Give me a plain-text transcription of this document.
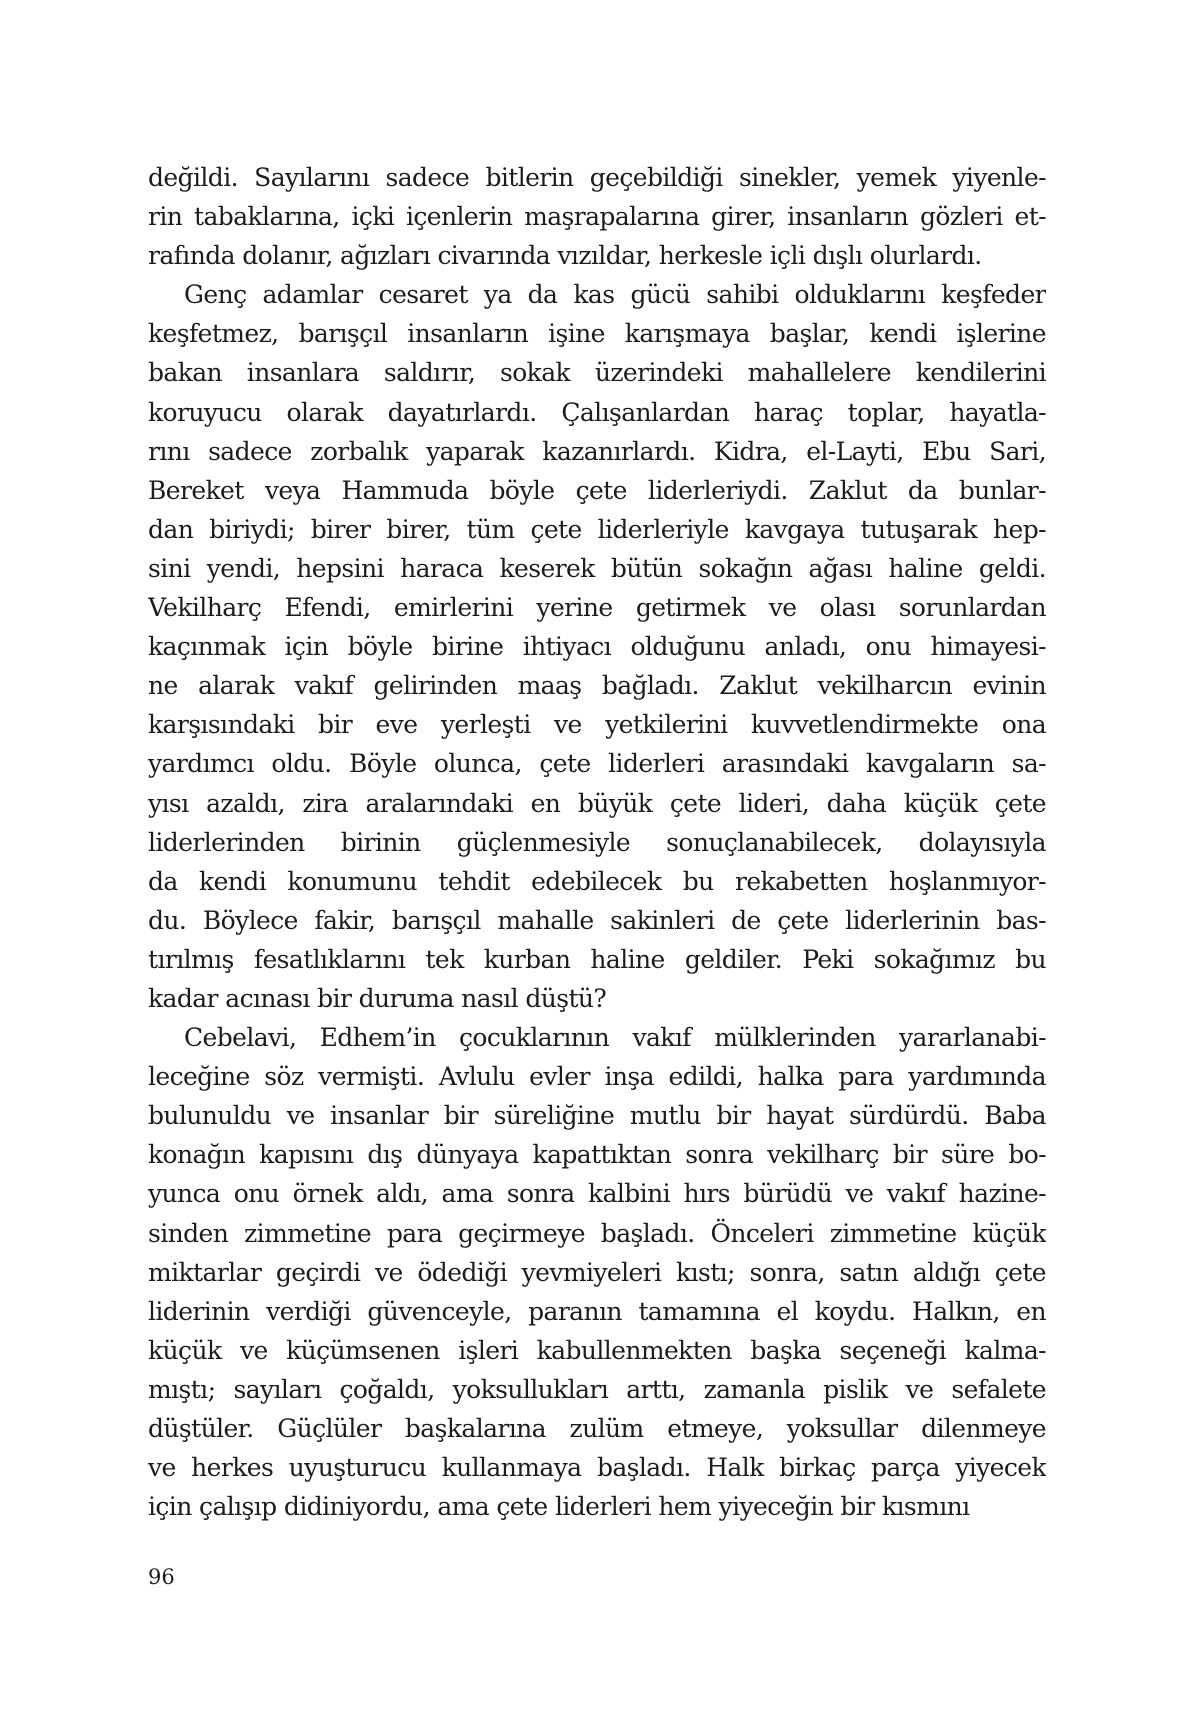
değildi. Sayılarını sadece bitlerin geçebildiği sinekler, yemek yiyenle-
rin tabaklarına, içki içenlerin maşrapalarına girer, insanların gözleri et-
rafında dolanır, ağızları civarında vızıldar, herkesle içli dışlı olurlardı.
Genç adamlar cesaret ya da kas gücü sahibi olduklarını keşfeder
keşfetmez, barışçıl insanların işine karışmaya başlar, kendi işlerine
bakan insanlara saldırır, sokak üzerindeki mahallelere kendilerini
koruyucu olarak dayatırlardı. Çalışanlardan haraç toplar, hayatla-
rını sadece zorbalık yaparak kazanırlardı. Kidra, el-Layti, Ebu Sari,
Bereket veya Hammuda böyle çete liderleriydi. Zaklut da bunlar-
dan biriydi; birer birer, tüm çete liderleriyle kavgaya tutuşarak hep-
sini yendi, hepsini haraca keserek bütün sokağın ağası haline geldi.
Vekilharç Efendi, emirlerini yerine getirmek ve olası sorunlardan
kaçınmak için böyle birine ihtiyacı olduğunu anladı, onu himayesi-
ne alarak vakıf gelirinden maaş bağladı. Zaklut vekilharcın evinin
karşısındaki bir eve yerleşti ve yetkilerini kuvvetlendirmekte ona
yardımcı oldu. Böyle olunca, çete liderleri arasındaki kavgaların sa-
yısı azaldı, zira aralarındaki en büyük çete lideri, daha küçük çete
liderlerinden birinin güçlenmesiyle sonuçlanabilecek, dolayısıyla
da kendi konumunu tehdit edebilecek bu rekabetten hoşlanmıyor-
du. Böylece fakir, barışçıl mahalle sakinleri de çete liderlerinin bas-
tırılmış fesatlıklarını tek kurban haline geldiler. Peki sokağımız bu
kadar acınası bir duruma nasıl düştü?
Cebelavi, Edhem’in çocuklarının vakıf mülklerinden yararlanabi-
leceğine söz vermişti. Avlulu evler inşa edildi, halka para yardımında
bulunuldu ve insanlar bir süreliğine mutlu bir hayat sürdürdü. Baba
konağın kapısını dış dünyaya kapattıktan sonra vekilharç bir süre bo-
yunca onu örnek aldı, ama sonra kalbini hırs bürüdü ve vakıf hazine-
sinden zimmetine para geçirmeye başladı. Önceleri zimmetine küçük
miktarlar geçirdi ve ödediği yevmiyeleri kıstı; sonra, satın aldığı çete
liderinin verdiği güvenceyle, paranın tamamına el koydu. Halkın, en
küçük ve küçümsenen işleri kabullenmekten başka seçeneği kalma-
mıştı; sayıları çoğaldı, yoksullukları arttı, zamanla pislik ve sefalete
düştüler. Güçlüler başkalarına zulüm etmeye, yoksullar dilenmeye
ve herkes uyuşturucu kullanmaya başladı. Halk birkaç parça yiyecek
için çalışıp didiniyordu, ama çete liderleri hem yiyeceğin bir kısmını
96
